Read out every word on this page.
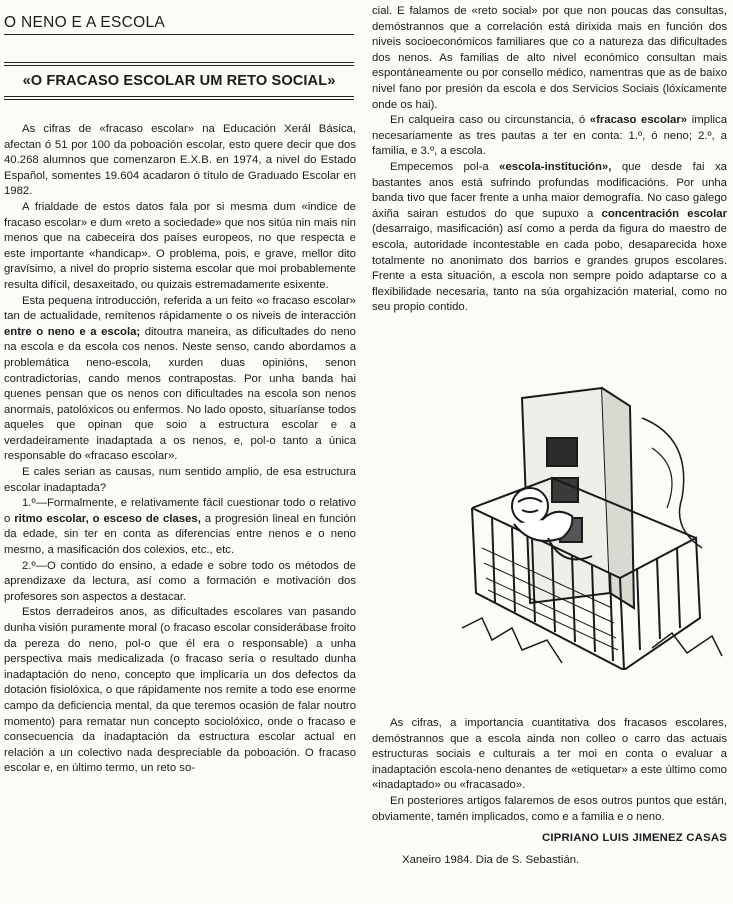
O NENO E A ESCOLA
«O FRACASO ESCOLAR UM RETO SOCIAL»

As cifras de «fracaso escolar» na Educación Xerál Básica, afectan ó 51 por 100 da poboación escolar, esto quere decir que dos 40.268 alumnos que comenzaron E.X.B. en 1974, a nivel do Estado Español, somentes 19.604 acadaron ó título de Graduado Escolar en 1982.

A frialdade de estos datos fala por si mesma dum «indice de fracaso escolar» e dum «reto a sociedade» que nos sitúa nin mais nin menos que na cabeceira dos países europeos, no que respecta e este importante «handicap». O problema, pois, e grave, mellor dito gravísimo, a nivel do proprio sistema escolar que moi probablemente resulta difícil, desaxeitado, ou quizais estremadamente esixente.

Esta pequena introducción, referida a un feito «o fracaso escolar» tan de actualidade, remítenos rápidamente o os niveis de interacción entre o neno e a escola; ditoutra maneira, as dificultades do neno na escola e da escola cos nenos. Neste senso, cando abordamos a problemática neno-escola, xurden duas opinións, senon contradictorias, cando menos contrapostas. Por unha banda hai quenes pensan que os nenos con dificultades na escola son nenos anormais, patolóxicos ou enfermos. No lado oposto, situaríanse todos aqueles que opinan que soio a estructura escolar e a verdadeiramente inadaptada a os nenos, e, pol-o tanto a única responsable do «fracaso escolar».

E cales serian as causas, num sentido amplio, de esa estructura escolar inadaptada?

1.º—Formalmente, e relativamente fácil cuestionar todo o relativo o ritmo escolar, o esceso de clases, a progresión lineal en función da edade, sin ter en conta as diferencias entre nenos e o neno mesmo, a masificación dos colexios, etc., etc.

2.º—O contido do ensino, a edade e sobre todo os métodos de aprendizaxe da lectura, así como a formación e motivación dos profesores son aspectos a destacar.

Estos derradeiros anos, as dificultades escolares van pasando dunha visión puramente moral (o fracaso escolar considerábase froito da pereza do neno, pol-o que él era o responsable) a unha perspectiva mais medicalizada (o fracaso sería o resultado dunha inadaptación do neno, concepto que implicaría un dos defectos da dotación fisiolóxica, o que rápidamente nos remite a todo ese enorme campo da deficiencia mental, da que teremos ocasión de falar noutro momento) para rematar nun concepto sociolóxico, onde o fracaso e consecuencia da inadaptación da estructura escolar actual en relación a un colectivo nada despreciable da poboación. O fracaso escolar e, en último termo, un reto so-

cial. E falamos de «reto social» por que non poucas das consultas, demóstrannos que a correlación está dirixida mais en función dos niveis socioeconómicos familiares que co a natureza das dificultades dos nenos. As familias de alto nivel económico consultan mais espontáneamente ou por consello médico, namentras que as de baixo nivel fano por presión da escola e dos Servicios Sociais (lóxicamente onde os hai).

En calqueira caso ou circunstancia, ó «fracaso escolar» implica necesariamente as tres pautas a ter en conta: 1.º, ó neno; 2.º, a familia, e 3.º, a escola.

Empecemos pol-a «escola-institución», que desde fai xa bastantes anos está sufrindo profundas modificacións. Por unha banda tivo que facer frente a unha maior demografía. No caso galego áxiña sairan estudos do que supuxo a concentración escolar (desarraigo, masificación) así como a perda da figura do maestro de escola, autoridade incontestable en cada pobo, desaparecida hoxe totalmente no anonimato dos barrios e grandes grupos escolares. Frente a esta situación, a escola non sempre poido adaptarse co a flexibilidade necesaria, tanto na súa orgahización material, como no seu propio contido.

As cifras, a importancia cuantitativa dos fracasos escolares, demóstrannos que a escola ainda non colleo o carro das actuais estructuras sociais e culturais a ter moi en conta o evaluar a inadaptación escola-neno denantes de «etiquetar» a este último como «inadaptado» ou «fracasado».

En posteriores artigos falaremos de esos outros puntos que están, obviamente, tamén implicados, como e a familia e o neno.

CIPRIANO LUIS JIMENEZ CASAS

Xaneiro 1984. Dia de S. Sebastián.
